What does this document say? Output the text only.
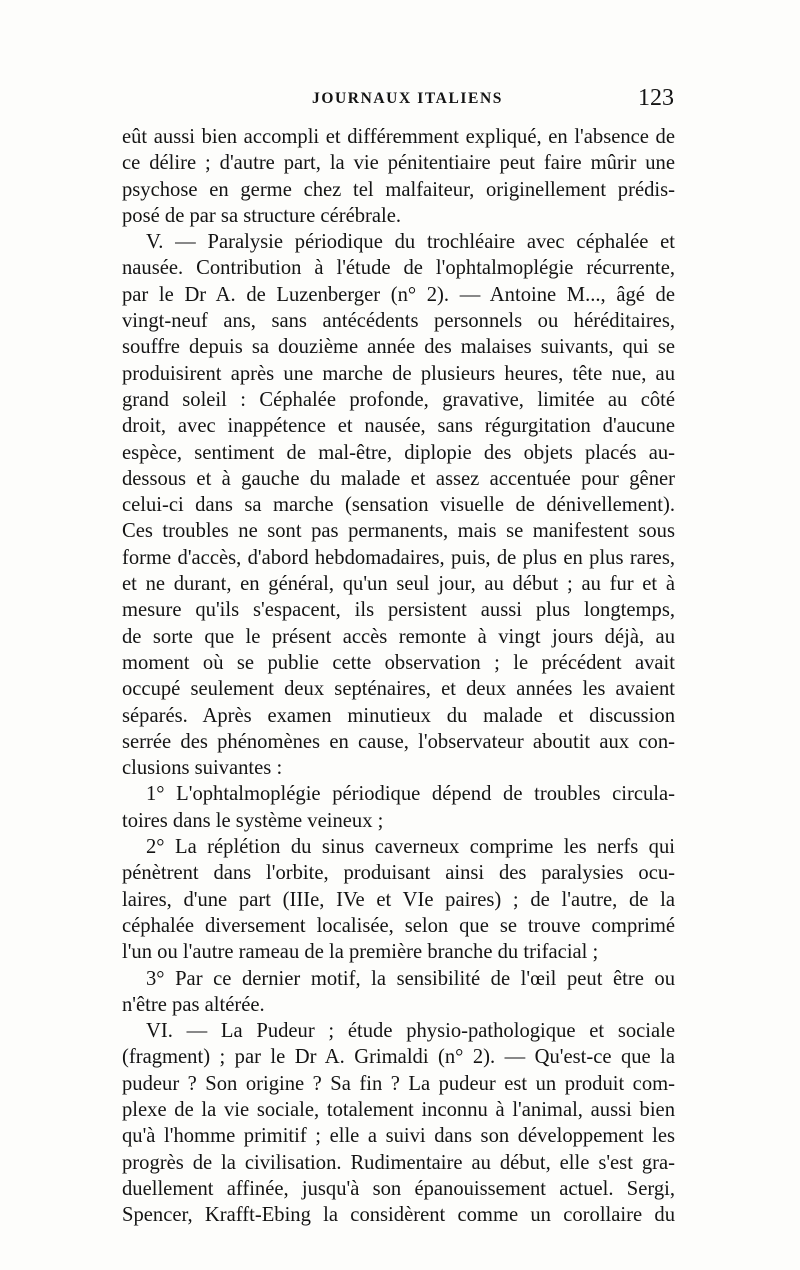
JOURNAUX ITALIENS	123
eût aussi bien accompli et différemment expliqué, en l'absence de
ce délire ; d'autre part, la vie pénitentiaire peut faire mûrir une
psychose en germe chez tel malfaiteur, originellement prédis-
posé de par sa structure cérébrale.
V. — Paralysie périodique du trochléaire avec céphalée et
nausée. Contribution à l'étude de l'ophtalmoplégie récurrente,
par le Dr A. de Luzenberger (n° 2). — Antoine M..., âgé de
vingt-neuf ans, sans antécédents personnels ou héréditaires,
souffre depuis sa douzième année des malaises suivants, qui se
produisirent après une marche de plusieurs heures, tête nue, au
grand soleil : Céphalée profonde, gravative, limitée au côté
droit, avec inappétence et nausée, sans régurgitation d'aucune
espèce, sentiment de mal-être, diplopie des objets placés au-
dessous et à gauche du malade et assez accentuée pour gêner
celui-ci dans sa marche (sensation visuelle de dénivellement).
Ces troubles ne sont pas permanents, mais se manifestent sous
forme d'accès, d'abord hebdomadaires, puis, de plus en plus rares,
et ne durant, en général, qu'un seul jour, au début ; au fur et à
mesure qu'ils s'espacent, ils persistent aussi plus longtemps,
de sorte que le présent accès remonte à vingt jours déjà, au
moment où se publie cette observation ; le précédent avait
occupé seulement deux septénaires, et deux années les avaient
séparés. Après examen minutieux du malade et discussion
serrée des phénomènes en cause, l'observateur aboutit aux con-
clusions suivantes :
1° L'ophtalmoplégie périodique dépend de troubles circula-
toires dans le système veineux ;
2° La réplétion du sinus caverneux comprime les nerfs qui
pénètrent dans l'orbite, produisant ainsi des paralysies ocu-
laires, d'une part (IIIe, IVe et VIe paires) ; de l'autre, de la
céphalée diversement localisée, selon que se trouve comprimé
l'un ou l'autre rameau de la première branche du trifacial ;
3° Par ce dernier motif, la sensibilité de l'œil peut être ou
n'être pas altérée.
VI. — La Pudeur ; étude physio-pathologique et sociale
(fragment) ; par le Dr A. Grimaldi (n° 2). — Qu'est-ce que la
pudeur ? Son origine ? Sa fin ? La pudeur est un produit com-
plexe de la vie sociale, totalement inconnu à l'animal, aussi bien
qu'à l'homme primitif ; elle a suivi dans son développement les
progrès de la civilisation. Rudimentaire au début, elle s'est gra-
duellement affinée, jusqu'à son épanouissement actuel. Sergi,
Spencer, Krafft-Ebing la considèrent comme un corollaire du
